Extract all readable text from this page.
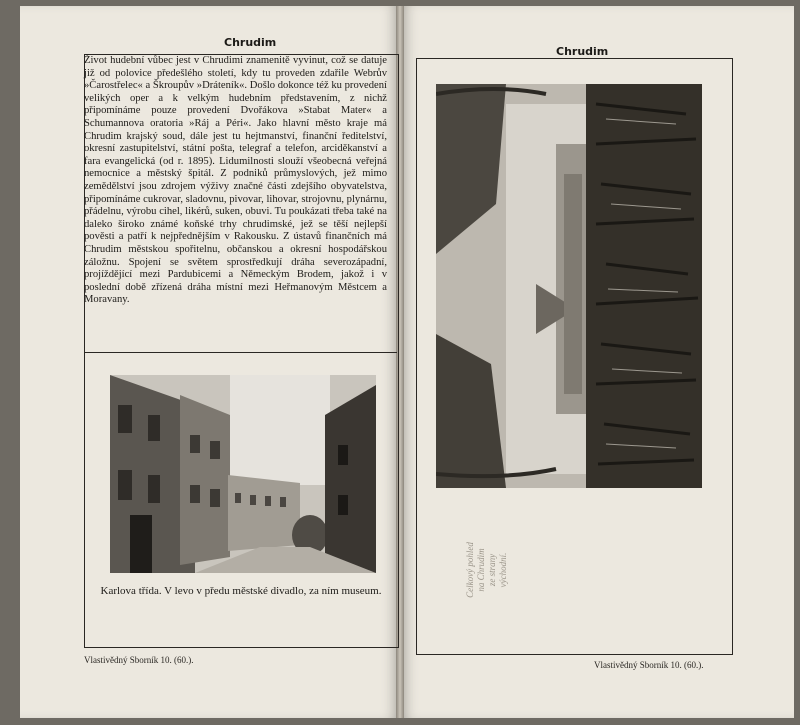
Chrudim

Život hudební vůbec jest v Chrudimi znamenitě vyvinut, což se datuje již od polovice předešlého století, kdy tu proveden zdařile Webrův »Čarostřelec« a Škroupův »Dráteník«. Došlo dokonce též ku provedení velikých oper a k velkým hudebním představením, z nichž připomínáme pouze provedení Dvořákova »Stabat Mater« a Schumannova oratoria »Ráj a Péri«. Jako hlavní město kraje má Chrudim krajský soud, dále jest tu hejtmanství, finanční ředitelství, okresní zastupitelství, státní pošta, telegraf a telefon, arciděkanství a fara evangelická (od r. 1895). Lidumilnosti slouží všeobecná veřejná nemocnice a městský špitál. Z podniků průmyslových, jež mimo zemědělství jsou zdrojem výživy značné části zdejšího obyvatelstva, připomínáme cukrovar, sladovnu, pivovar, lihovar, strojovnu, plynárnu, přádelnu, výrobu cihel, likérů, suken, obuvi. Tu poukázati třeba také na daleko široko známé koňské trhy chrudimské, jež se těší nejlepší pověsti a patří k nejpřednějším v Rakousku. Z ústavů finančních má Chrudim městskou spořitelnu, občanskou a okresní hospodářskou záložnu. Spojení se světem sprostředkují dráha severozápadní, projíždějící mezi Pardubicemi a Německým Brodem, jakož i v poslední době zřízená dráha místní mezi Heřmanovým Městcem a Moravany.

Karlova třída. V levo v předu městské divadlo, za ním museum.

Vlastivědný Sborník 10. (60.).
Chrudim
Celkový pohled
na Chrudim
ze strany východní.
Vlastivědný Sborník 10. (60.).
